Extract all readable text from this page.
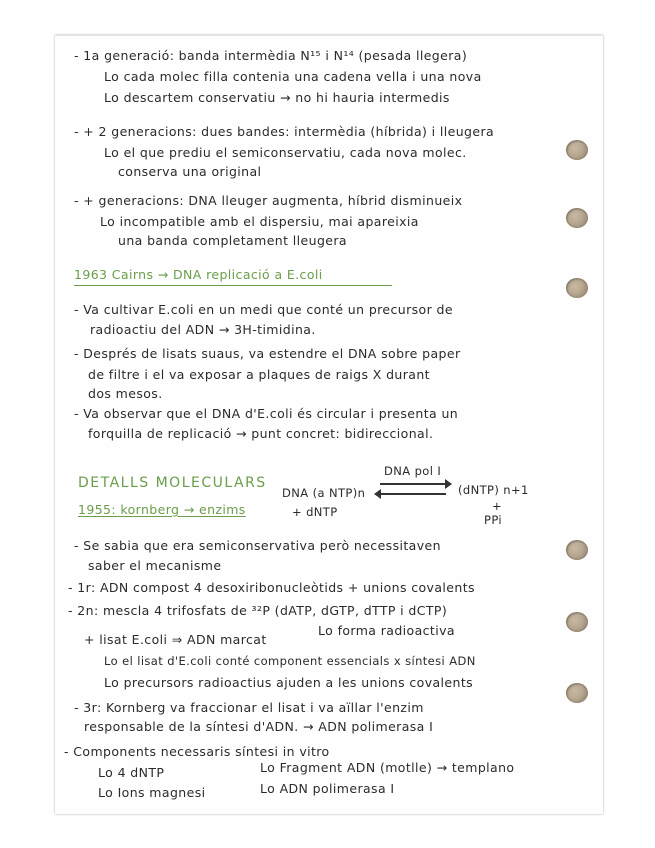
- 1a generació: banda intermèdia N¹⁵ i N¹⁴ (pesada llegera)
Lo cada molec filla contenia una cadena vella i una nova
Lo descartem conservatiu → no hi hauria intermedis
- + 2 generacions: dues bandes: intermèdia (híbrida) i lleugera
Lo el que prediu el semiconservatiu, cada nova molec.
conserva una original
- + generacions: DNA lleuger augmenta, híbrid disminueix
Lo incompatible amb el dispersiu, mai apareixia
una banda completament lleugera
1963 Cairns → DNA replicació a E.coli
- Va cultivar E.coli en un medi que conté un precursor de
radioactiu del ADN → 3H-timidina.
- Després de lisats suaus, va estendre el DNA sobre paper
de filtre i el va exposar a plaques de raigs X durant
dos mesos.
- Va observar que el DNA d'E.coli és circular i presenta un
forquilla de replicació → punt concret: bidireccional.
DETALLS MOLECULARS
1955: kornberg → enzims
DNA pol I
DNA (a NTP)n
+ dNTP
(dNTP) n+1
+
PPi
- Se sabia que era semiconservativa però necessitaven
saber el mecanisme
- 1r: ADN compost 4 desoxiribonucleòtids + unions covalents
- 2n: mescla 4 trifosfats de ³²P (dATP, dGTP, dTTP i dCTP)
Lo forma radioactiva
+ lisat E.coli ⇒ ADN marcat
Lo el lisat d'E.coli conté component essencials x síntesi ADN
Lo precursors radioactius ajuden a les unions covalents
- 3r: Kornberg va fraccionar el lisat i va aïllar l'enzim
responsable de la síntesi d'ADN. → ADN polimerasa I
- Components necessaris síntesi in vitro
Lo 4 dNTP	Lo Fragment ADN (motlle) → templano
Lo Ions magnesi	Lo ADN polimerasa I
